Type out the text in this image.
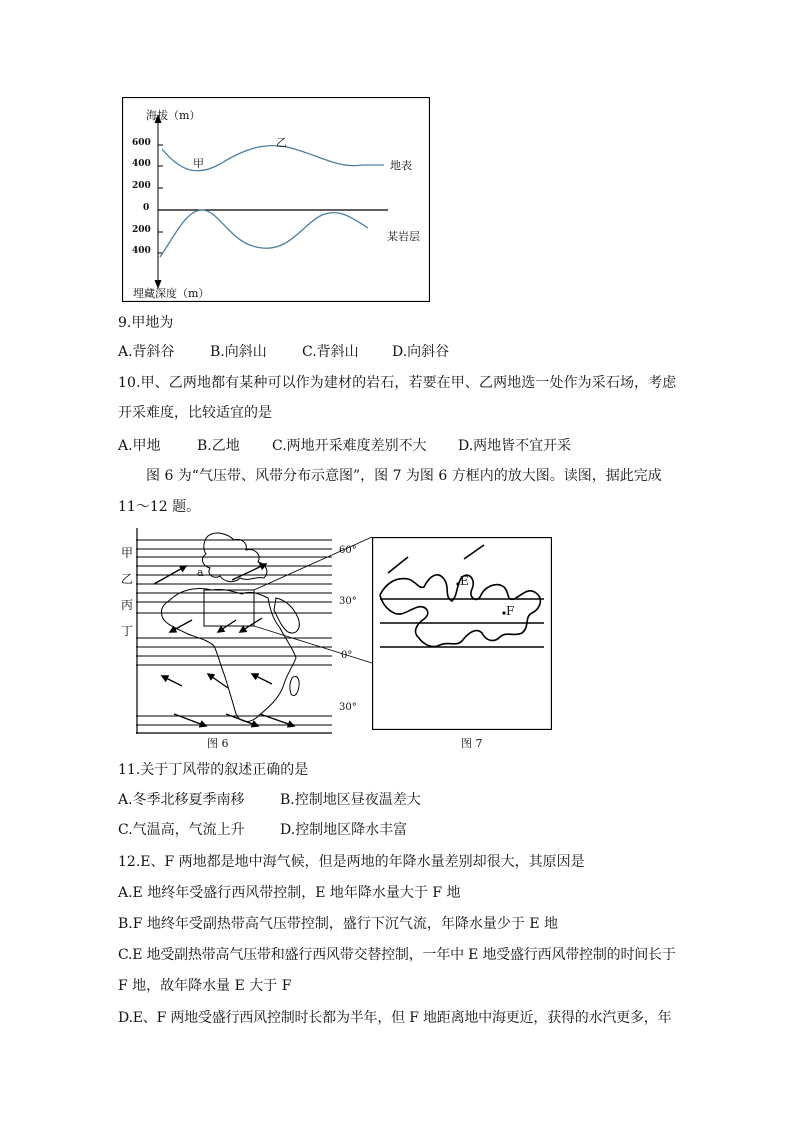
海拔（m）
600
400
200
0
200
400
甲
乙
地表
某岩层
埋藏深度（m）
9.甲地为
A.背斜谷	B.向斜山	C.背斜山 D.向斜谷
10.甲、乙两地都有某种可以作为建材的岩石，若要在甲、乙两地选一处作为采石场，考虑
开采难度，比较适宜的是
A.甲地	B.乙地 C.两地开采难度差别不大 D.两地皆不宜开采
图 6 为“气压带、风带分布示意图”，图 7 为图 6 方框内的放大图。读图，据此完成
11～12 题。
甲
乙
丙
丁
a
60°
30°
0°
30°
图 6
E
F
图 7
11.关于丁风带的叙述正确的是
A.冬季北移夏季南移	B.控制地区昼夜温差大
C.气温高，气流上升	D.控制地区降水丰富
12.E、F 两地都是地中海气候，但是两地的年降水量差别却很大，其原因是
A.E 地终年受盛行西风带控制，E 地年降水量大于 F 地
B.F 地终年受副热带高气压带控制，盛行下沉气流，年降水量少于 E 地
C.E 地受副热带高气压带和盛行西风带交替控制，一年中 E 地受盛行西风带控制的时间长于
F 地，故年降水量 E 大于 F
D.E、F 两地受盛行西风控制时长都为半年，但 F 地距离地中海更近，获得的水汽更多，年
